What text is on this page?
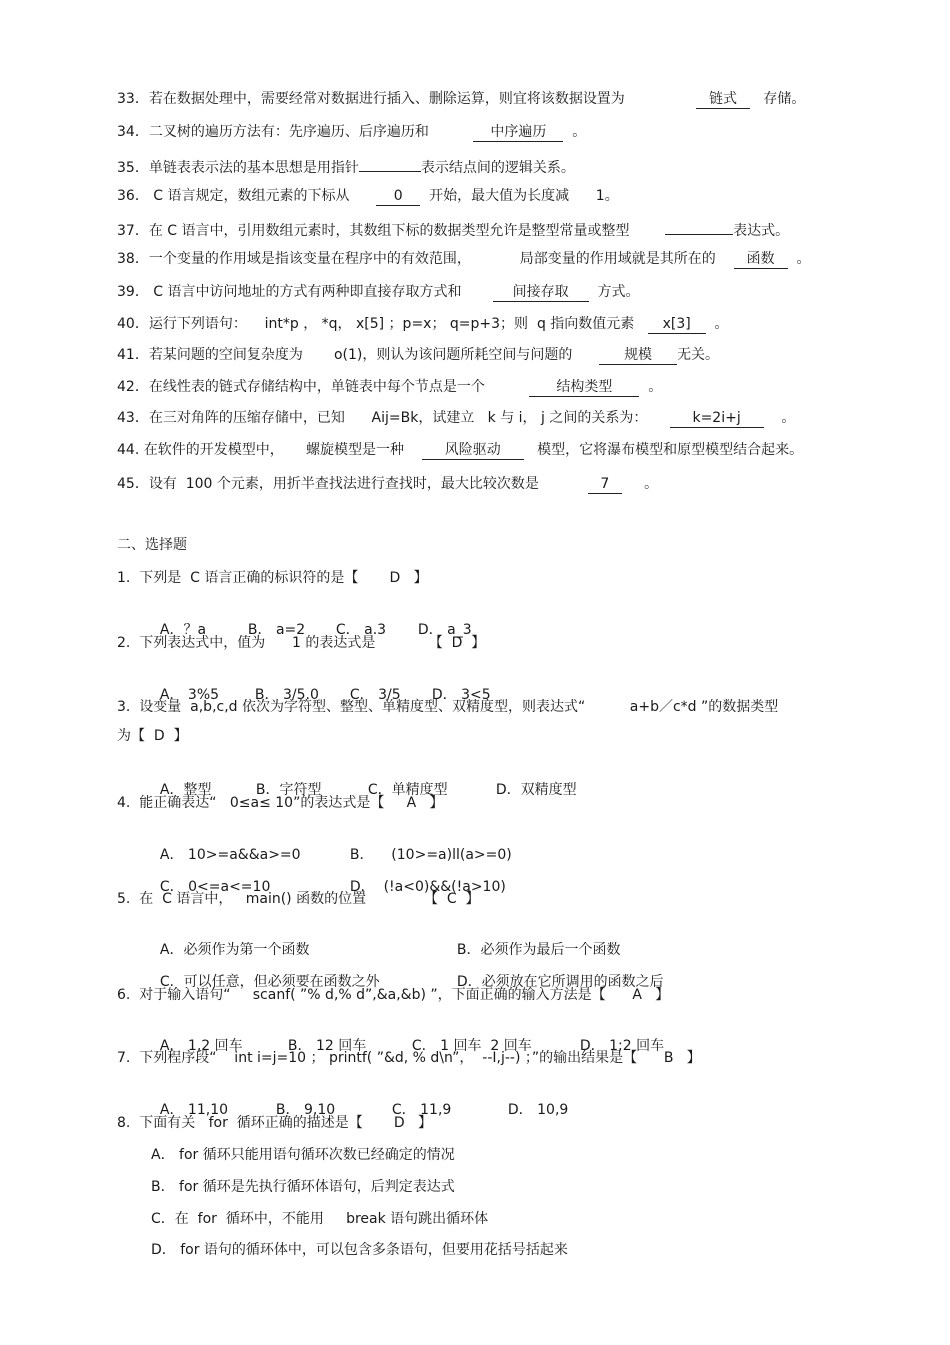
33．若在数据处理中，需要经常对数据进行插入、删除运算，则宜将该数据设置为                链式   存储。
34．二叉树的遍历方法有：先序遍历、后序遍历和          中序遍历  。
35．单链表表示法的基本思想是用指针	表示结点间的逻辑关系。
36． C 语言规定，数组元素的下标从      0  开始，最大值为长度减      1。
37．在 C 语言中，引用数组元素时，其数组下标的数据类型允许是整型常量或整型	表达式。
38．一个变量的作用域是指该变量在程序中的有效范围，           局部变量的作用域就是其所在的    函数  。
39． C 语言中访问地址的方式有两种即直接存取方式和       间接存取  方式。
40．运行下列语句：    int*p ， *q， x[5] ；p=x； q=p+3；则  q 指向数值元素   x[3]  。
41．若某问题的空间复杂度为       o(1)，则认为该问题所耗空间与问题的      规模 无关。
42．在线性表的链式存储结构中，单链表中每个节点是一个          结构类型  。
43．在三对角阵的压缩存储中，已知      Aij=Bk，试建立   k 与 i， j 之间的关系为：     k=2i+j    。
44. 在软件的开发模型中，     螺旋模型是一种    风险驱动   模型，它将瀑布模型和原型模型结合起来。
45．设有  100 个元素，用折半查找法进行查找时，最大比较次数是           7     。
二、选择题
1.  下列是  C 语言正确的标识符的是【       D   】

A．？a	B． a=2 C． a.3 D． a_3

2.  下列表达式中，值为      1 的表达式是            【  D  】

A． 3%5	B． 3/5.0 C． 3/5 D． 3<5

3.  设变量  a,b,c,d 依次为字符型、整型、单精度型、双精度型，则表达式“          a+b／c*d ”的数据类型
为【  D  】

A．整型	B．字符型	C．单精度型	D．双精度型

4.  能正确表达“   0≤a≤ 10”的表达式是【     A   】

A． 10>=a&&a>=0	B．    (10>=a)ll(a>=0)

C． 0<=a<=10	D．  (!a<0)&&(!a>10)

5.  在  C 语言中，   main() 函数的位置             【  C  】

A．必须作为第一个函数	B．必须作为最后一个函数

C．可以任意，但必须要在函数之外	D．必须放在它所调用的函数之后

6.  对于输入语句“     scanf( ”% d,% d”,&a,&b) ”，下面正确的输入方法是【      A   】

A． 1,2 回车	B． 12 回车	C． 1 回车  2 回车	D． 1;2 回车

7.  下列程序段“    int i=j=10 ； printf( ”&d, % d\n”，  --I,j--) ；”的输出结果是【      B   】

A． 11,10	B． 9,10	C． 11,9	D． 10,9

8.  下面有关   for  循环正确的描述是【       D   】
A． for 循环只能用语句循环次数已经确定的情况
B． for 循环是先执行循环体语句，后判定表达式
C．在  for  循环中，不能用     break 语句跳出循环体
D． for 语句的循环体中，可以包含多条语句，但要用花括号括起来
